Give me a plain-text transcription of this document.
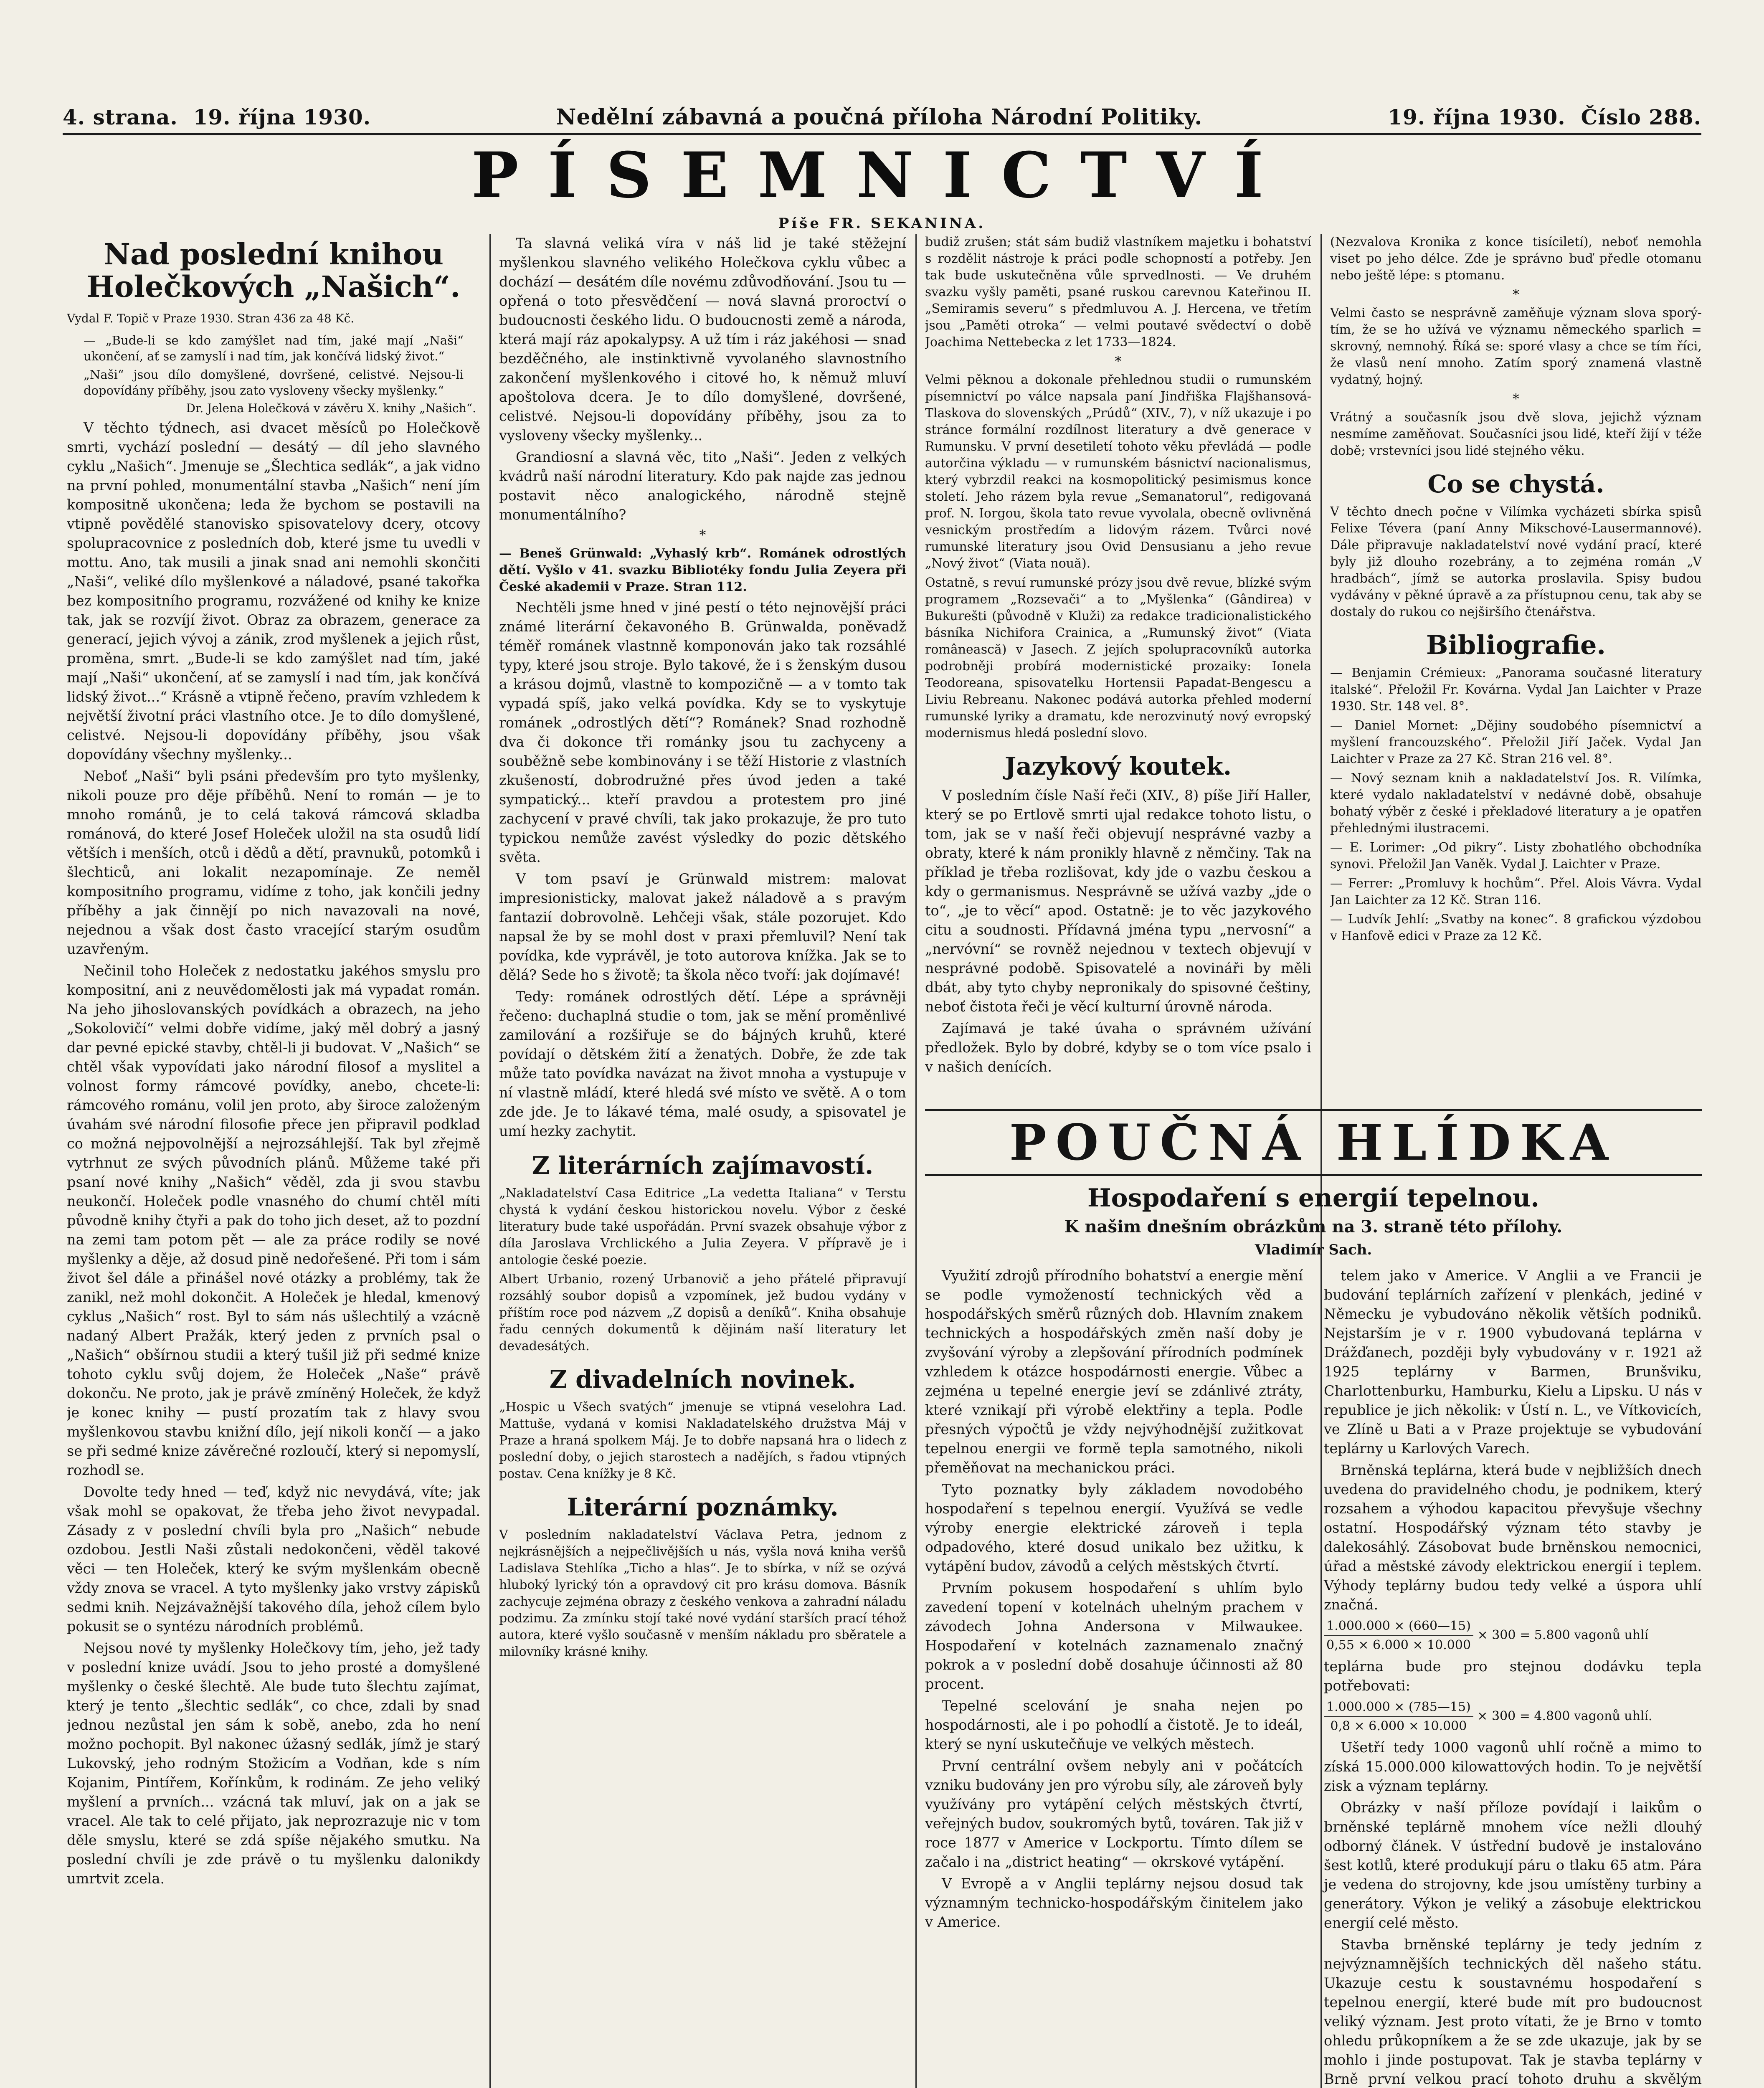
4. strana. 19. října 1930.	Nedělní zábavná a poučná příloha Národní Politiky.	19. října 1930. Číslo 288.
PÍSEMNICTVÍ
Píše FR. SEKANINA.
Nad poslední knihou Holečkových „Našich“.

Vydal F. Topič v Praze 1930. Stran 436 za 48 Kč.

— „Bude-li se kdo zamýšlet nad tím, jaké mají „Naši“ ukončení, ať se zamyslí i nad tím, jak končívá lidský život.“

„Naši“ jsou dílo domyšlené, dovršené, celistvé. Nejsou-li dopovídány příběhy, jsou zato vysloveny všecky myšlenky.“

Dr. Jelena Holečková v závěru X. knihy „Našich“.

V těchto týdnech, asi dvacet měsíců po Holečkově smrti, vychází poslední — desátý — díl jeho slavného cyklu „Našich“. Jmenuje se „Šlechtica sedlák“, a jak vidno na první pohled, monumentální stavba „Našich“ není jím kompositně ukončena; leda že bychom se postavili na vtipně povědělé stanovisko spisovatelovy dcery, otcovy spolupracovnice z posledních dob, které jsme tu uvedli v mottu. Ano, tak musili a jinak snad ani nemohli skončiti „Naši“, veliké dílo myšlenkové a náladové, psané takořka bez kompositního programu, rozvážené od knihy ke knize tak, jak se rozvíjí život. Obraz za obrazem, generace za generací, jejich vývoj a zánik, zrod myšlenek a jejich růst, proměna, smrt. „Bude-li se kdo zamýšlet nad tím, jaké mají „Naši“ ukončení, ať se zamyslí i nad tím, jak končívá lidský život...“ Krásně a vtipně řečeno, pravím vzhledem k největší životní práci vlastního otce. Je to dílo domyšlené, celistvé. Nejsou-li dopovídány příběhy, jsou však dopovídány všechny myšlenky...

Neboť „Naši“ byli psáni především pro tyto myšlenky, nikoli pouze pro děje příběhů. Není to román — je to mnoho románů, je to celá taková rámcová skladba románová, do které Josef Holeček uložil na sta osudů lidí větších i menších, otců i dědů a dětí, pravnuků, potomků i šlechticů, ani lokalit nezapomínaje. Ze neměl kompositního programu, vidíme z toho, jak končili jedny příběhy a jak činnějí po nich navazovali na nové, nejednou a však dost často vracející starým osudům uzavřeným.

Nečinil toho Holeček z nedostatku jakéhos smyslu pro kompositní, ani z neuvědomělosti jak má vypadat román. Na jeho jihoslovanských povídkách a obrazech, na jeho „Sokolovičí“ velmi dobře vidíme, jaký měl dobrý a jasný dar pevné epické stavby, chtěl-li ji budovat. V „Našich“ se chtěl však vypovídati jako národní filosof a myslitel a volnost formy rámcové povídky, anebo, chcete-li: rámcového románu, volil jen proto, aby široce založeným úvahám své národní filosofie přece jen připravil podklad co možná nejpovolnější a nejrozsáhlejší. Tak byl zřejmě vytrhnut ze svých původních plánů. Můžeme také při psaní nové knihy „Našich“ věděl, zda ji svou stavbu neukončí. Holeček podle vnasného do chumí chtěl míti původně knihy čtyři a pak do toho jich deset, až to pozdní na zemi tam potom pět — ale za práce rodily se nové myšlenky a děje, až dosud pině nedořešené. Při tom i sám život šel dále a přinášel nové otázky a problémy, tak že zanikl, než mohl dokončit. A Holeček je hledal, kmenový cyklus „Našich“ rost. Byl to sám nás ušlechtilý a vzácně nadaný Albert Pražák, který jeden z prvních psal o „Našich“ obšírnou studii a který tušil již při sedmé knize tohoto cyklu svůj dojem, že Holeček „Naše“ právě dokonču. Ne proto, jak je právě zmíněný Holeček, že když je konec knihy — pustí prozatím tak z hlavy svou myšlenkovou stavbu knižní dílo, její nikoli končí — a jako se při sedmé knize závěrečné rozloučí, který si nepomyslí, rozhodl se.

Dovolte tedy hned — teď, když nic nevydává, víte; jak však mohl se opakovat, že třeba jeho život nevypadal. Zásady z v poslední chvíli byla pro „Našich“ nebude ozdobou. Jestli Naši zůstali nedokončeni, věděl takové věci — ten Holeček, který ke svým myšlenkám obecně vždy znova se vracel. A tyto myšlenky jako vrstvy zápisků sedmi knih. Nejzávažnější takového díla, jehož cílem bylo pokusit se o syntézu národních problémů.

Nejsou nové ty myšlenky Holečkovy tím, jeho, jež tady v poslední knize uvádí. Jsou to jeho prosté a domyšlené myšlenky o české šlechtě. Ale bude tuto šlechtu zajímat, který je tento „šlechtic sedlák“, co chce, zdali by snad jednou nezůstal jen sám k sobě, anebo, zda ho není možno pochopit. Byl nakonec úžasný sedlák, jímž je starý Lukovský, jeho rodným Stožicím a Vodňan, kde s ním Kojanim, Pintířem, Kořínkům, k rodinám. Ze jeho veliký myšlení a prvních... vzácná tak mluví, jak on a jak se vracel. Ale tak to celé přijato, jak neprozrazuje nic v tom děle smyslu, které se zdá spíše nějakého smutku. Na poslední chvíli je zde právě o tu myšlenku dalonikdy umrtvit zcela.

Ta slavná veliká víra v náš lid je také stěžejní myšlenkou slavného velikého Holečkova cyklu vůbec a dochází — desátém díle novému zdůvodňování. Jsou tu — opřená o toto přesvědčení — nová slavná proroctví o budoucnosti českého lidu. O budoucnosti země a národa, která mají ráz apokalypsy. A už tím i ráz jakéhosi — snad bezděčného, ale instinktivně vyvolaného slavnostního zakončení myšlenkového i citové ho, k němuž mluví apoštolova dcera. Je to dílo domyšlené, dovršené, celistvé. Nejsou-li dopovídány příběhy, jsou za to vysloveny všecky myšlenky...

Grandiosní a slavná věc, tito „Naši“. Jeden z velkých kvádrů naší národní literatury. Kdo pak najde zas jednou postavit něco analogického, národně stejně monumentálního?

*

— Beneš Grünwald: „Vyhaslý krb“. Románek odrostlých dětí. Vyšlo v 41. svazku Bibliotéky fondu Julia Zeyera při České akademii v Praze. Stran 112.

Nechtěli jsme hned v jiné pestí o této nejnovější práci známé literární čekavoného B. Grünwalda, poněvadž téměř románek vlastnně komponován jako tak rozsáhlé typy, které jsou stroje. Bylo takové, že i s ženským dusou a krásou dojmů, vlastně to kompozičně — a v tomto tak vypadá spíš, jako velká povídka. Kdy se to vyskytuje románek „odrostlých dětí“? Románek? Snad rozhodně dva či dokonce tři románky jsou tu zachyceny a souběžně sebe kombinovány i se těží Historie z vlastních zkušeností, dobrodružné přes úvod jeden a také sympatický... kteří pravdou a protestem pro jiné zachycení v pravé chvíli, tak jako prokazuje, že pro tuto typickou nemůže zavést výsledky do pozic dětského světa.

V tom psaví je Grünwald mistrem: malovat impresionisticky, malovat jakež náladově a s pravým fantazií dobrovolně. Lehčeji však, stále pozorujet. Kdo napsal že by se mohl dost v praxi přemluvil? Není tak povídka, kde vyprávěl, je toto autorova knížka. Jak se to dělá? Sede ho s životě; ta škola něco tvoří: jak dojímavé!

Tedy: románek odrostlých dětí. Lépe a správněji řečeno: duchaplná studie o tom, jak se mění proměnlivé zamilování a rozšiřuje se do bájných kruhů, které povídají o dětském žití a ženatých. Dobře, že zde tak může tato povídka navázat na život mnoha a vystupuje v ní vlastně mládí, které hledá své místo ve světě. A o tom zde jde. Je to lákavé téma, malé osudy, a spisovatel je umí hezky zachytit.

Z literárních zajímavostí.

„Nakladatelství Casa Editrice „La vedetta Italiana“ v Terstu chystá k vydání českou historickou novelu. Výbor z české literatury bude také uspořádán. První svazek obsahuje výbor z díla Jaroslava Vrchlického a Julia Zeyera. V přípravě je i antologie české poezie.

Albert Urbanio, rozený Urbanovič a jeho přátelé připravují rozsáhlý soubor dopisů a vzpomínek, jež budou vydány v příštím roce pod názvem „Z dopisů a deníků“. Kniha obsahuje řadu cenných dokumentů k dějinám naší literatury let devadesátých.

Z divadelních novinek.

„Hospic u Všech svatých“ jmenuje se vtipná veselohra Lad. Mattuše, vydaná v komisi Nakladatelského družstva Máj v Praze a hraná spolkem Máj. Je to dobře napsaná hra o lidech z poslední doby, o jejich starostech a nadějích, s řadou vtipných postav. Cena knížky je 8 Kč.

Literární poznámky.

V posledním nakladatelství Václava Petra, jednom z nejkrásnějších a nejpečlivějších u nás, vyšla nová kniha veršů Ladislava Stehlíka „Ticho a hlas“. Je to sbírka, v níž se ozývá hluboký lyrický tón a opravdový cit pro krásu domova. Básník zachycuje zejména obrazy z českého venkova a zahradní náladu podzimu. Za zmínku stojí také nové vydání starších prací téhož autora, které vyšlo současně v menším nákladu pro sběratele a milovníky krásné knihy.

budiž zrušen; stát sám budiž vlastníkem majetku i bohatství s rozdělit nástroje k práci podle schopností a potřeby. Jen tak bude uskutečněna vůle sprvedlnosti. — Ve druhém svazku vyšly paměti, psané ruskou carevnou Kateřinou II. „Semiramis severu“ s předmluvou A. J. Hercena, ve třetím jsou „Paměti otroka“ — velmi poutavé svědectví o době Joachima Nettebecka z let 1733—1824.

*

Velmi pěknou a dokonale přehlednou studii o rumunském písemnictví po válce napsala paní Jindřiška Flajšhansová-Tlaskova do slovenských „Prúdů“ (XIV., 7), v níž ukazuje i po stránce formální rozdílnost literatury a dvě generace v Rumunsku. V první desetiletí tohoto věku převládá — podle autorčina výkladu — v rumunském básnictví nacionalismus, který vybrzdil reakci na kosmopolitický pesimismus konce století. Jeho rázem byla revue „Semanatorul“, redigovaná prof. N. Iorgou, škola tato revue vyvolala, obecně ovlivněná vesnickým prostředím a lidovým rázem. Tvůrci nové rumunské literatury jsou Ovid Densusianu a jeho revue „Nový život“ (Viata nouă).

Ostatně, s revuí rumunské prózy jsou dvě revue, blízké svým programem „Rozsevači“ a to „Myšlenka“ (Gândirea) v Bukurešti (původně v Kluži) za redakce tradicionalistického básníka Nichifora Crainica, a „Rumunský život“ (Viata românească) v Jasech. Z jejích spolupracovníků autorka podrobněji probírá modernistické prozaiky: Ionela Teodoreana, spisovatelku Hortensii Papadat-Bengescu a Liviu Rebreanu. Nakonec podává autorka přehled moderní rumunské lyriky a dramatu, kde nerozvinutý nový evropský modernismus hledá poslední slovo.

Jazykový koutek.

V posledním čísle Naší řeči (XIV., 8) píše Jiří Haller, který se po Ertlově smrti ujal redakce tohoto listu, o tom, jak se v naší řeči objevují nesprávné vazby a obraty, které k nám pronikly hlavně z němčiny. Tak na příklad je třeba rozlišovat, kdy jde o vazbu českou a kdy o germanismus. Nesprávně se užívá vazby „jde o to“, „je to věcí“ apod. Ostatně: je to věc jazykového citu a soudnosti. Přídavná jména typu „nervosní“ a „nervóvní“ se rovněž nejednou v textech objevují v nesprávné podobě. Spisovatelé a novináři by měli dbát, aby tyto chyby nepronikaly do spisovné češtiny, neboť čistota řeči je věcí kulturní úrovně národa.

Zajímavá je také úvaha o správném užívání předložek. Bylo by dobré, kdyby se o tom více psalo i v našich denících.

(Nezvalova Kronika z konce tisíciletí), neboť nemohla viset po jeho délce. Zde je správno buď předle otomanu nebo ještě lépe: s ptomanu.

*

Velmi často se nesprávně zaměňuje význam slova sporý-tím, že se ho užívá ve významu německého sparlich = skrovný, nemnohý. Říká se: sporé vlasy a chce se tím říci, že vlasů není mnoho. Zatím sporý znamená vlastně vydatný, hojný.

*

Vrátný a současník jsou dvě slova, jejichž význam nesmíme zaměňovat. Současníci jsou lidé, kteří žijí v téže době; vrstevníci jsou lidé stejného věku.

Co se chystá.

V těchto dnech počne v Vilímka vycházeti sbírka spisů Felixe Tévera (paní Anny Mikschové-Lausermannové). Dále připravuje nakladatelství nové vydání prací, které byly již dlouho rozebrány, a to zejména román „V hradbách“, jímž se autorka proslavila. Spisy budou vydávány v pěkné úpravě a za přístupnou cenu, tak aby se dostaly do rukou co nejširšího čtenářstva.

Bibliografie.

— Benjamin Crémieux: „Panorama současné literatury italské“. Přeložil Fr. Kovárna. Vydal Jan Laichter v Praze 1930. Str. 148 vel. 8°.

— Daniel Mornet: „Dějiny soudobého písemnictví a myšlení francouzského“. Přeložil Jiří Jaček. Vydal Jan Laichter v Praze za 27 Kč. Stran 216 vel. 8°.

— Nový seznam knih a nakladatelství Jos. R. Vilímka, které vydalo nakladatelství v nedávné době, obsahuje bohatý výběr z české i překladové literatury a je opatřen přehlednými ilustracemi.

— E. Lorimer: „Od pikry“. Listy zbohatlého obchodníka synovi. Přeložil Jan Vaněk. Vydal J. Laichter v Praze.

— Ferrer: „Promluvy k hochům“. Přel. Alois Vávra. Vydal Jan Laichter za 12 Kč. Stran 116.

— Ludvík Jehlí: „Svatby na konec“. 8 grafickou výzdobou v Hanfově edici v Praze za 12 Kč.

POUČNÁ HLÍDKA
Hospodaření s energií tepelnou.
K našim dnešním obrázkům na 3. straně této přílohy.
Vladimír Sach.

Využití zdrojů přírodního bohatství a energie mění se podle vymožeností technických věd a hospodářských směrů různých dob. Hlavním znakem technických a hospodářských změn naší doby je zvyšování výroby a zlepšování přírodních podmínek vzhledem k otázce hospodárnosti energie. Vůbec a zejména u tepelné energie jeví se zdánlivé ztráty, které vznikají při výrobě elektřiny a tepla. Podle přesných výpočtů je vždy nejvýhodnější zužitkovat tepelnou energii ve formě tepla samotného, nikoli přeměňovat na mechanickou práci.

Tyto poznatky byly základem novodobého hospodaření s tepelnou energií. Využívá se vedle výroby energie elektrické zároveň i tepla odpadového, které dosud unikalo bez užitku, k vytápění budov, závodů a celých městských čtvrtí.

Prvním pokusem hospodaření s uhlím bylo zavedení topení v kotelnách uhelným prachem v závodech Johna Andersona v Milwaukee. Hospodaření v kotelnách zaznamenalo značný pokrok a v poslední době dosahuje účinnosti až 80 procent.

Tepelné scelování je snaha nejen po hospodárnosti, ale i po pohodlí a čistotě. Je to ideál, který se nyní uskutečňuje ve velkých městech.

První centrální ovšem nebyly ani v počátcích vzniku budovány jen pro výrobu síly, ale zároveň byly využívány pro vytápění celých městských čtvrtí, veřejných budov, soukromých bytů, továren. Tak již v roce 1877 v Americe v Lockportu. Tímto dílem se začalo i na „district heating“ — okrskové vytápění.

V Evropě a v Anglii teplárny nejsou dosud tak významným technicko-hospodářským činitelem jako v Americe.

telem jako v Americe. V Anglii a ve Francii je budování teplárních zařízení v plenkách, jediné v Německu je vybudováno několik větších podniků. Nejstarším je v r. 1900 vybudovaná teplárna v Drážďanech, později byly vybudovány v r. 1921 až 1925 teplárny v Barmen, Brunšviku, Charlottenburku, Hamburku, Kielu a Lipsku. U nás v republice je jich několik: v Ústí n. L., ve Vítkovicích, ve Zlíně u Bati a v Praze projektuje se vybudování teplárny u Karlových Varech.

Brněnská teplárna, která bude v nejbližších dnech uvedena do pravidelného chodu, je podnikem, který rozsahem a výhodou kapacitou převyšuje všechny ostatní. Hospodářský význam této stavby je dalekosáhlý. Zásobovat bude brněnskou nemocnici, úřad a městské závody elektrickou energií i teplem. Výhody teplárny budou tedy velké a úspora uhlí značná.

$\frac{1.000.000 \times (660—15)}{0,55 \times 6.000 \times 10.000} \times 300 = 5.800$ vagonů uhlí

teplárna bude pro stejnou dodávku tepla potřebovati:

$\frac{1.000.000 \times (785—15)}{0,8 \times 6.000 \times 10.000} \times 300 = 4.800$ vagonů uhlí.

Ušetří tedy 1000 vagonů uhlí ročně a mimo to získá 15.000.000 kilowattových hodin. To je největší zisk a význam teplárny.

Obrázky v naší příloze povídají i laikům o brněnské teplárně mnohem více nežli dlouhý odborný článek. V ústřední budově je instalováno šest kotlů, které produkují páru o tlaku 65 atm. Pára je vedena do strojovny, kde jsou umístěny turbiny a generátory. Výkon je veliký a zásobuje elektrickou energií celé město.

Stavba brněnské teplárny je tedy jedním z nejvýznamnějších technických děl našeho státu. Ukazuje cestu k soustavnému hospodaření s tepelnou energií, které bude mít pro budoucnost veliký význam. Jest proto vítati, že je Brno v tomto ohledu průkopníkem a že se zde ukazuje, jak by se mohlo i jinde postupovat. Tak je stavba teplárny v Brně první velkou prací tohoto druhu a skvělým
